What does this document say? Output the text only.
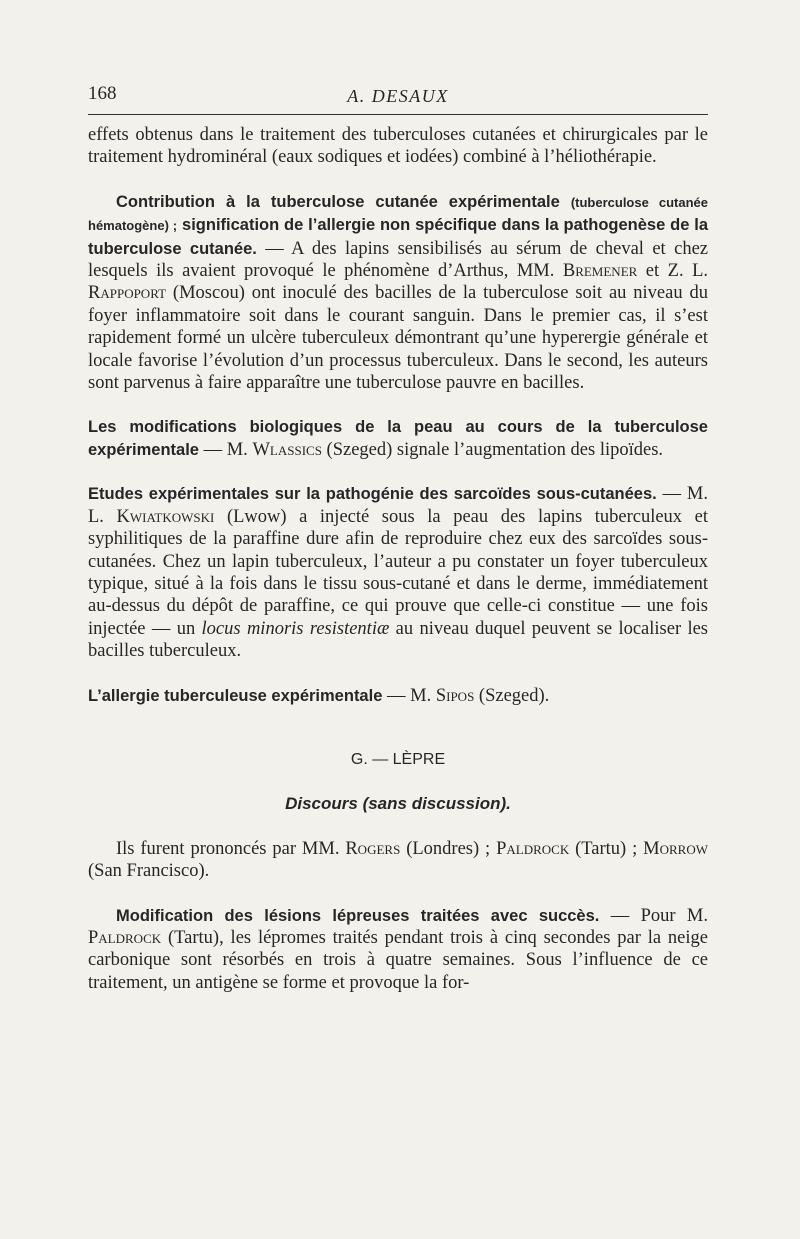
168	A. DESAUX

effets obtenus dans le traitement des tuberculoses cutanées et chirurgicales par le traitement hydrominéral (eaux sodiques et iodées) combiné à l’héliothérapie.

Contribution à la tuberculose cutanée expérimentale (tuberculose cutanée hématogène) ; signification de l’allergie non spécifique dans la pathogenèse de la tuberculose cutanée. — A des lapins sensibilisés au sérum de cheval et chez lesquels ils avaient provoqué le phénomène d’Arthus, MM. Bremener et Z. L. Rappoport (Moscou) ont inoculé des bacilles de la tuberculose soit au niveau du foyer inflammatoire soit dans le courant sanguin. Dans le premier cas, il s’est rapidement formé un ulcère tuberculeux démontrant qu’une hyperergie générale et locale favorise l’évolution d’un processus tuberculeux. Dans le second, les auteurs sont parvenus à faire apparaître une tuberculose pauvre en bacilles.

Les modifications biologiques de la peau au cours de la tuberculose expérimentale — M. Wlassics (Szeged) signale l’augmentation des lipoïdes.

Etudes expérimentales sur la pathogénie des sarcoïdes sous-cutanées. — M. L. Kwiatkowski (Lwow) a injecté sous la peau des lapins tuberculeux et syphilitiques de la paraffine dure afin de reproduire chez eux des sarcoïdes sous-cutanées. Chez un lapin tuberculeux, l’auteur a pu constater un foyer tuberculeux typique, situé à la fois dans le tissu sous-cutané et dans le derme, immédiatement au-dessus du dépôt de paraffine, ce qui prouve que celle-ci constitue — une fois injectée — un locus minoris resistentiæ au niveau duquel peuvent se localiser les bacilles tuberculeux.

L’allergie tuberculeuse expérimentale — M. Sipos (Szeged).

G. — LÈPRE
Discours (sans discussion).

Ils furent prononcés par MM. Rogers (Londres) ; Paldrock (Tartu) ; Morrow (San Francisco).

Modification des lésions lépreuses traitées avec succès. — Pour M. Paldrock (Tartu), les lépromes traités pendant trois à cinq secondes par la neige carbonique sont résorbés en trois à quatre semaines. Sous l’influence de ce traitement, un antigène se forme et provoque la for-
